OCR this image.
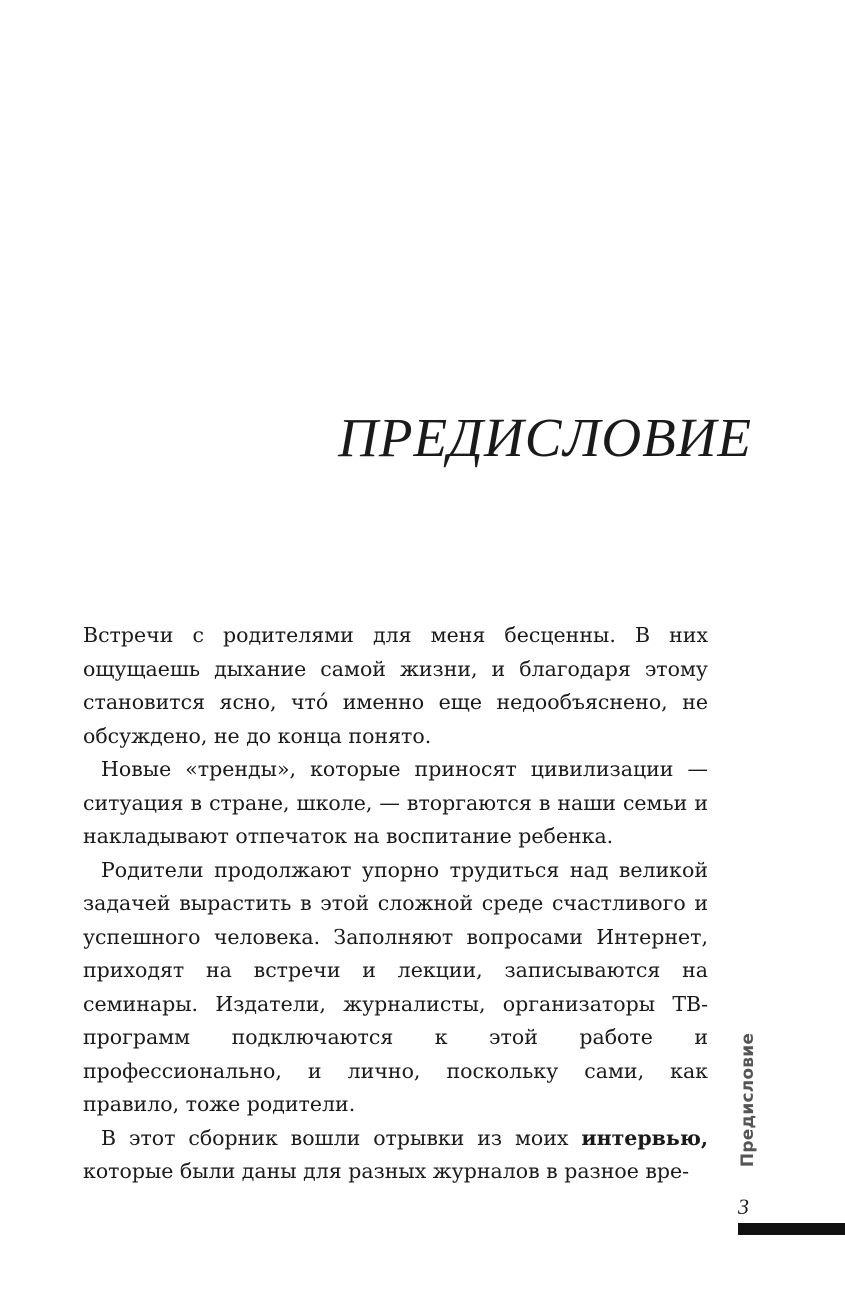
ПРЕДИСЛОВИЕ

Встречи с родителями для меня бесценны. В них ощущаешь дыхание самой жизни, и благодаря этому становится ясно, чтó именно еще недообъяснено, не обсуждено, не до конца понято.

Новые «тренды», которые приносят цивилизации — ситуация в стране, школе, — вторгаются в наши семьи и накладывают отпечаток на воспитание ребенка.

Родители продолжают упорно трудиться над великой задачей вырастить в этой сложной среде счастливого и успешного человека. Заполняют вопросами Интернет, приходят на встречи и лекции, записываются на семинары. Издатели, журналисты, организаторы ТВ-программ подключаются к этой работе и профессионально, и лично, поскольку сами, как правило, тоже родители.

В этот сборник вошли отрывки из моих интервью, которые были даны для разных журналов в разное вре-

Предисловие
3
